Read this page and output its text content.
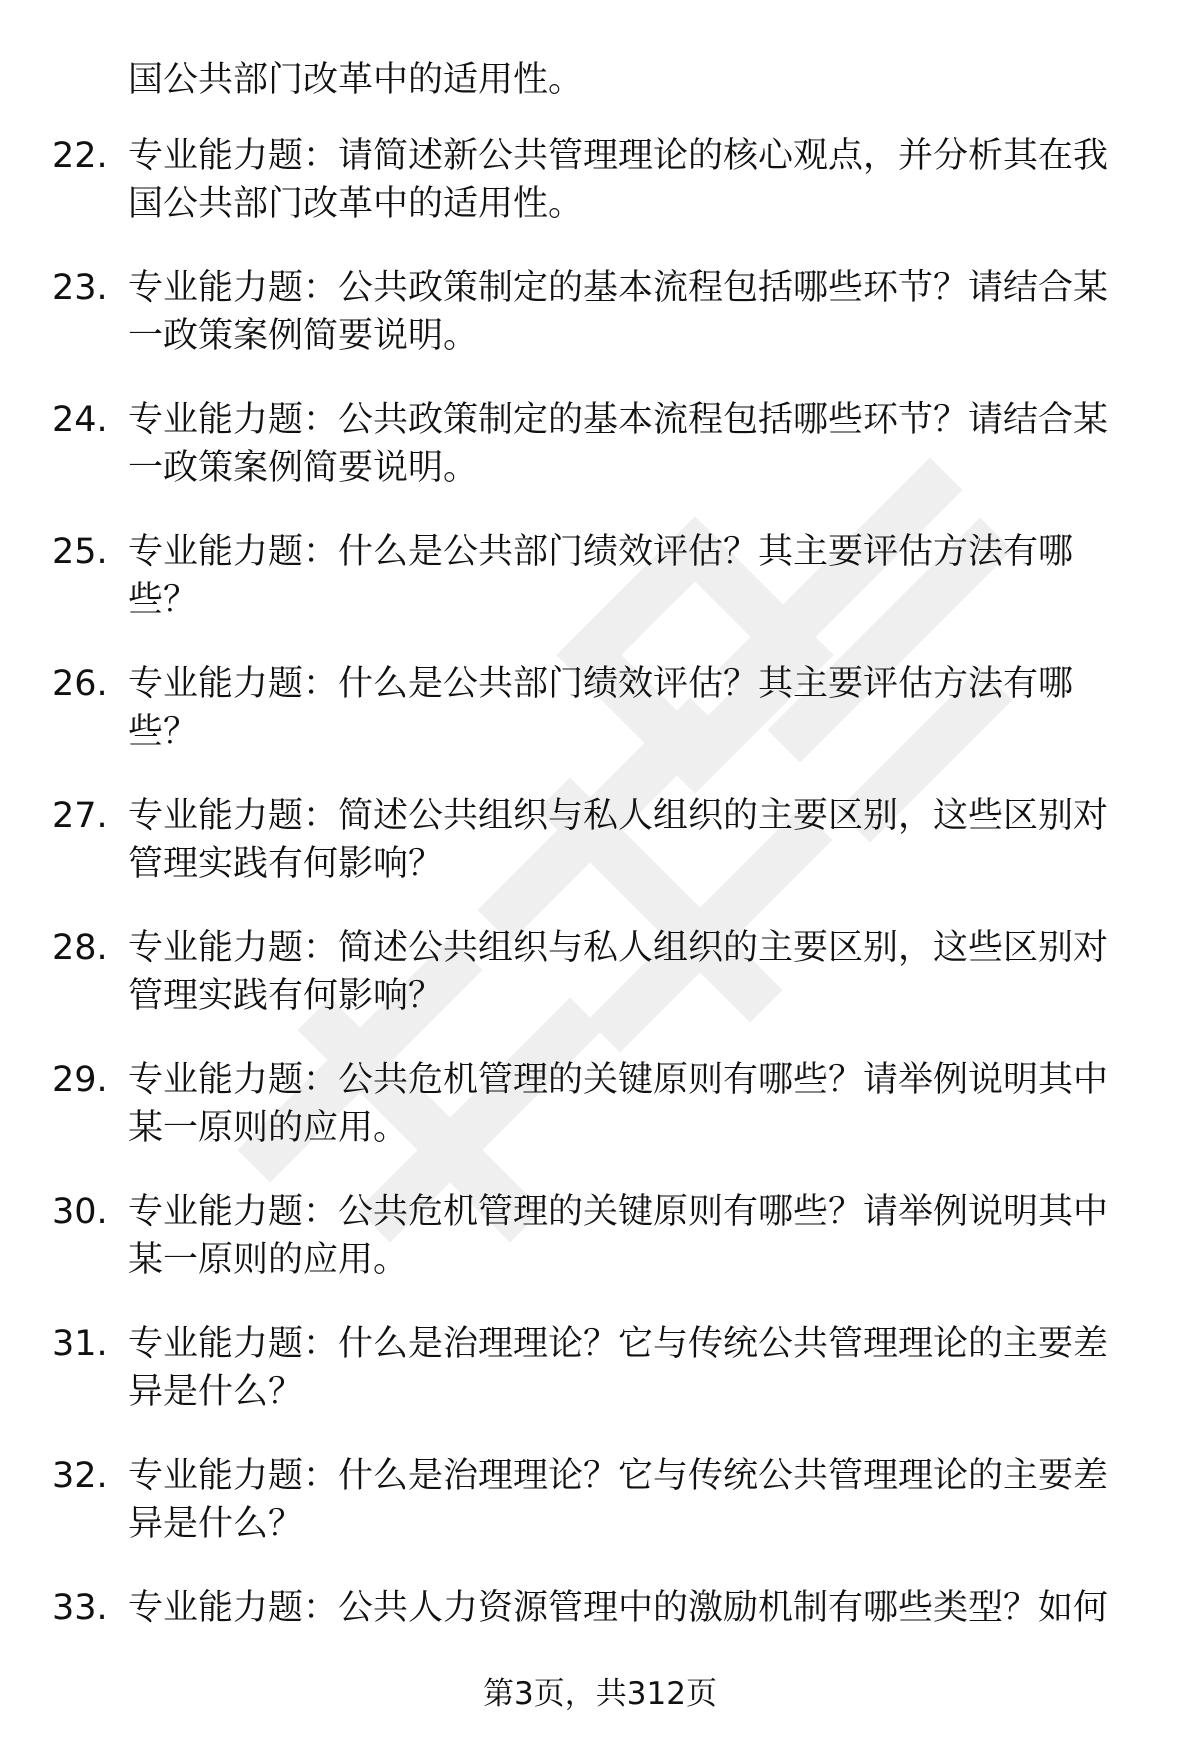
国公共部门改革中的适用性。
22. 专业能力题：请简述新公共管理理论的核心观点，并分析其在我
国公共部门改革中的适用性。
23. 专业能力题：公共政策制定的基本流程包括哪些环节？请结合某
一政策案例简要说明。
24. 专业能力题：公共政策制定的基本流程包括哪些环节？请结合某
一政策案例简要说明。
25. 专业能力题：什么是公共部门绩效评估？其主要评估方法有哪
些？
26. 专业能力题：什么是公共部门绩效评估？其主要评估方法有哪
些？
27. 专业能力题：简述公共组织与私人组织的主要区别，这些区别对
管理实践有何影响？
28. 专业能力题：简述公共组织与私人组织的主要区别，这些区别对
管理实践有何影响？
29. 专业能力题：公共危机管理的关键原则有哪些？请举例说明其中
某一原则的应用。
30. 专业能力题：公共危机管理的关键原则有哪些？请举例说明其中
某一原则的应用。
31. 专业能力题：什么是治理理论？它与传统公共管理理论的主要差
异是什么？
32. 专业能力题：什么是治理理论？它与传统公共管理理论的主要差
异是什么？
33. 专业能力题：公共人力资源管理中的激励机制有哪些类型？如何
第3页，共312页
